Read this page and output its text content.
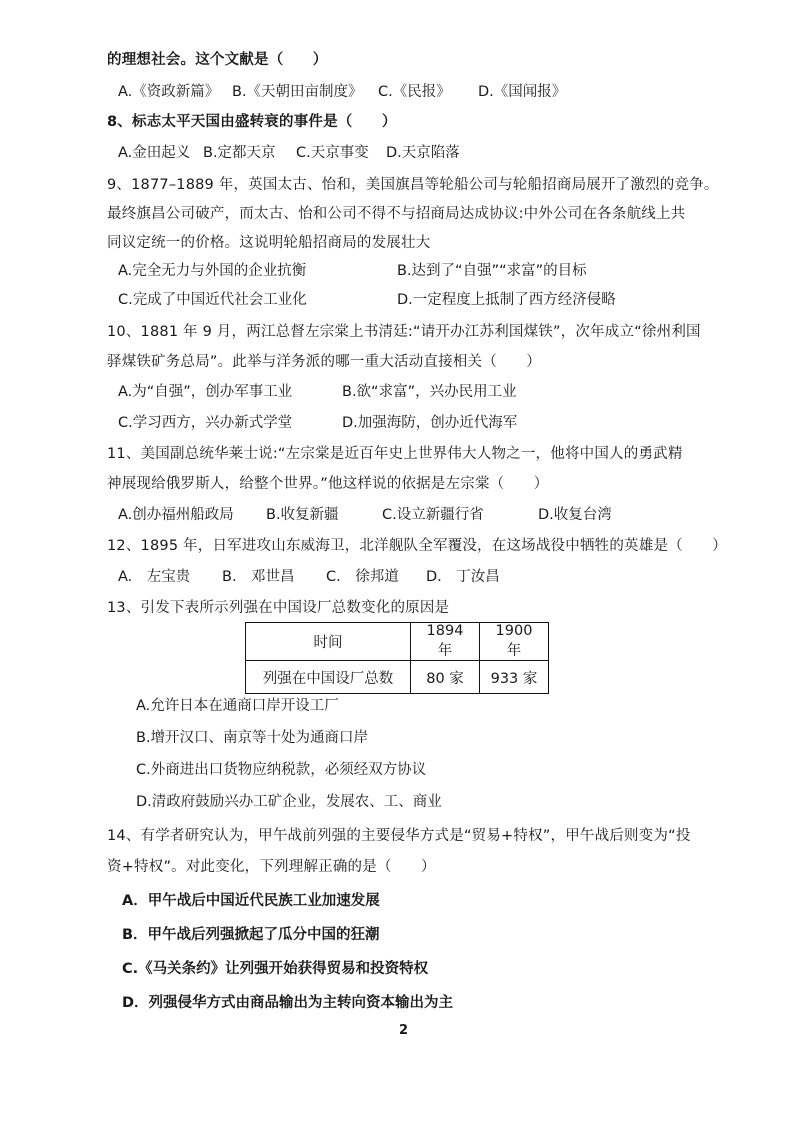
的理想社会。这个文献是（　　）
A.《资政新篇》 B.《天朝田亩制度》 C.《民报》 D.《国闻报》
8、标志太平天国由盛转衰的事件是（　　）
A.金田起义 B.定都天京 C.天京事变 D.天京陷落
9、1877–1889 年，英国太古、怡和，美国旗昌等轮船公司与轮船招商局展开了激烈的竞争。
最终旗昌公司破产，而太古、怡和公司不得不与招商局达成协议:中外公司在各条航线上共
同议定统一的价格。这说明轮船招商局的发展壮大
A.完全无力与外国的企业抗衡	B.达到了“自强”“求富”的目标
C.完成了中国近代社会工业化	D.一定程度上抵制了西方经济侵略
10、1881 年 9 月，两江总督左宗棠上书清廷:“请开办江苏利国煤铁”，次年成立“徐州利国
驿煤铁矿务总局”。此举与洋务派的哪一重大活动直接相关（　　）
A.为“自强”，创办军事工业	B.欲“求富”，兴办民用工业
C.学习西方，兴办新式学堂	D.加强海防，创办近代海军
11、美国副总统华莱士说:“左宗棠是近百年史上世界伟大人物之一，他将中国人的勇武精
神展现给俄罗斯人，给整个世界。”他这样说的依据是左宗棠（　　）
A.创办福州船政局 B.收复新疆	C.设立新疆行省	D.收复台湾
12、1895 年，日军进攻山东威海卫，北洋舰队全军覆没，在这场战役中牺牲的英雄是（　　）
A.　左宝贵 B.　邓世昌 C.　徐邦道 D.　丁汝昌
13、引发下表所示列强在中国设厂总数变化的原因是
时间	1894 年	1900 年
列强在中国设厂总数	80 家	933 家
A.允许日本在通商口岸开设工厂
B.增开汉口、南京等十处为通商口岸
C.外商进出口货物应纳税款，必须经双方协议
D.清政府鼓励兴办工矿企业，发展农、工、商业
14、有学者研究认为，甲午战前列强的主要侵华方式是“贸易+特权”，甲午战后则变为“投
资+特权”。对此变化，下列理解正确的是（　　）
A．甲午战后中国近代民族工业加速发展
B．甲午战后列强掀起了瓜分中国的狂潮
C.《马关条约》让列强开始获得贸易和投资特权
D．列强侵华方式由商品输出为主转向资本输出为主
2
